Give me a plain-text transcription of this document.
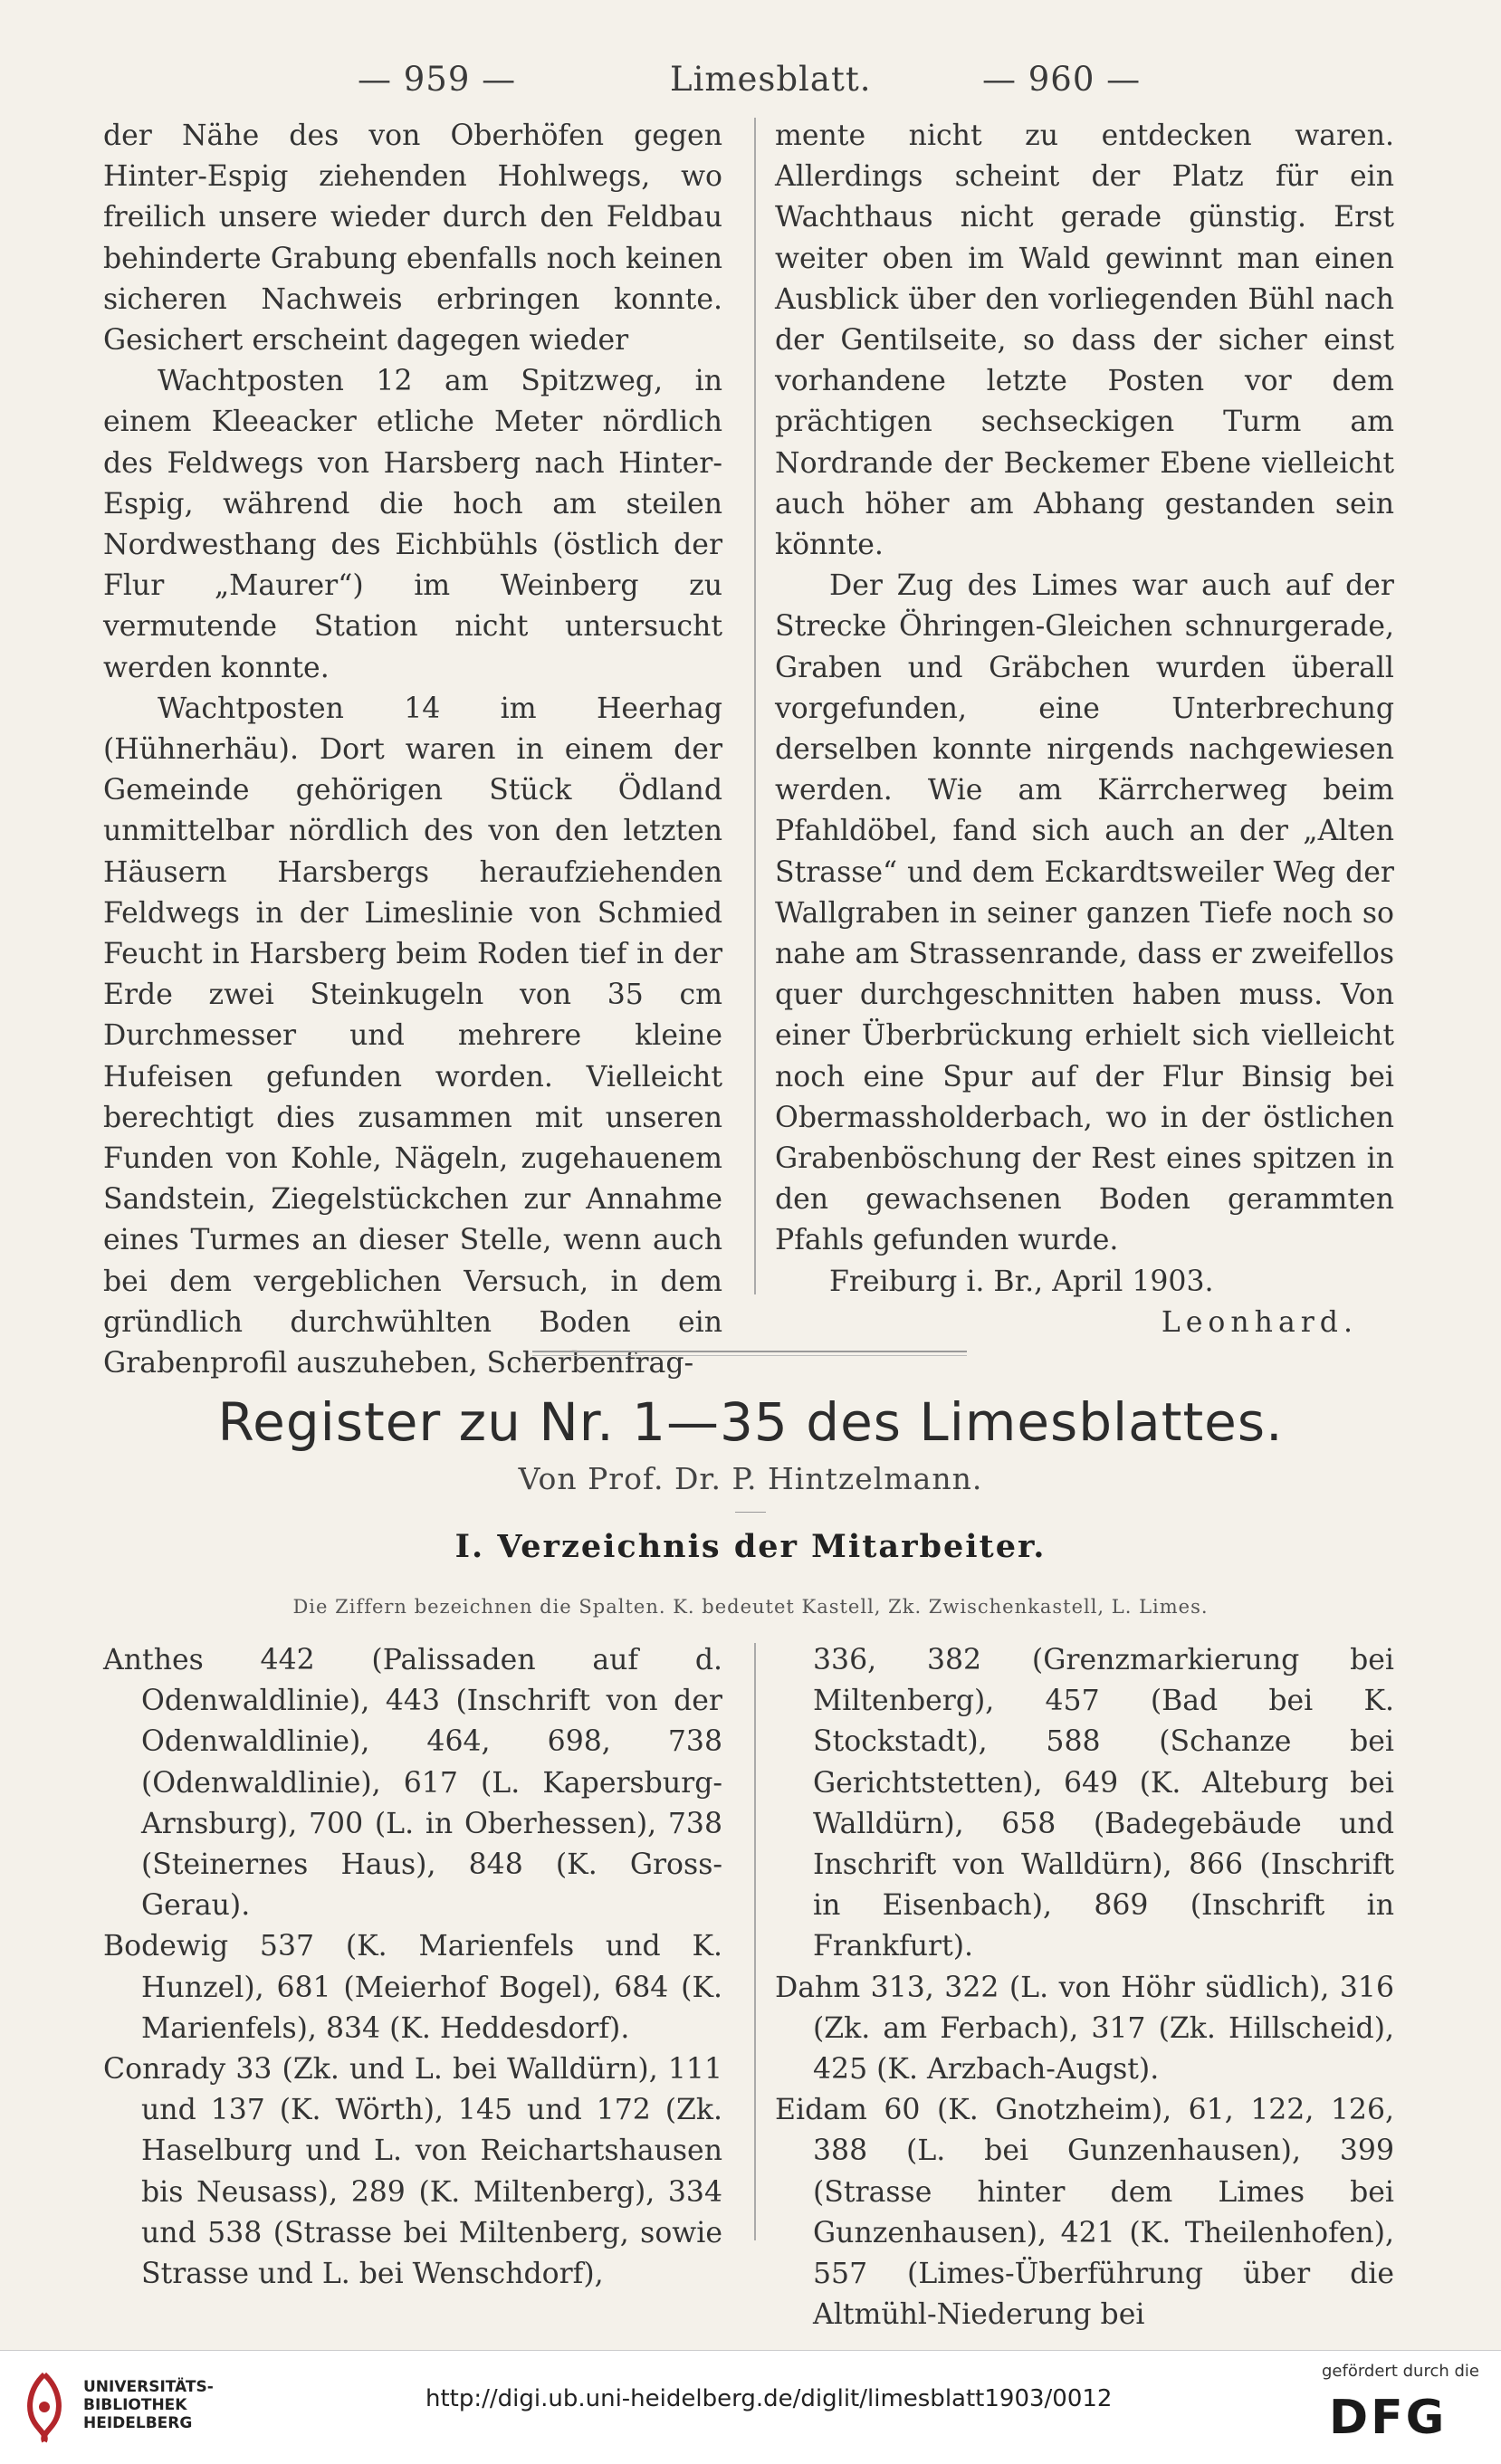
— 959 —	Limesblatt.	— 960 —

der Nähe des von Oberhöfen gegen Hinter-Espig ziehenden Hohlwegs, wo freilich unsere wieder durch den Feldbau behinderte Grabung ebenfalls noch keinen sicheren Nachweis erbringen konnte. Gesichert erscheint dagegen wieder

Wachtposten 12 am Spitzweg, in einem Kleeacker etliche Meter nördlich des Feldwegs von Harsberg nach Hinter-Espig, während die hoch am steilen Nordwesthang des Eichbühls (östlich der Flur „Maurer“) im Weinberg zu vermutende Station nicht untersucht werden konnte.

Wachtposten 14 im Heerhag (Hühnerhäu). Dort waren in einem der Gemeinde gehörigen Stück Ödland unmittelbar nördlich des von den letzten Häusern Harsbergs heraufziehenden Feldwegs in der Limeslinie von Schmied Feucht in Harsberg beim Roden tief in der Erde zwei Steinkugeln von 35 cm Durchmesser und mehrere kleine Hufeisen gefunden worden. Vielleicht berechtigt dies zusammen mit unseren Funden von Kohle, Nägeln, zugehauenem Sandstein, Ziegelstückchen zur Annahme eines Turmes an dieser Stelle, wenn auch bei dem vergeblichen Versuch, in dem gründlich durchwühlten Boden ein Grabenprofil auszuheben, Scherbenfrag-

mente nicht zu entdecken waren. Allerdings scheint der Platz für ein Wachthaus nicht gerade günstig. Erst weiter oben im Wald gewinnt man einen Ausblick über den vorliegenden Bühl nach der Gentilseite, so dass der sicher einst vorhandene letzte Posten vor dem prächtigen sechseckigen Turm am Nordrande der Beckemer Ebene vielleicht auch höher am Abhang gestanden sein könnte.

Der Zug des Limes war auch auf der Strecke Öhringen-Gleichen schnurgerade, Graben und Gräbchen wurden überall vorgefunden, eine Unterbrechung derselben konnte nirgends nachgewiesen werden. Wie am Kärrcherweg beim Pfahldöbel, fand sich auch an der „Alten Strasse“ und dem Eckardtsweiler Weg der Wallgraben in seiner ganzen Tiefe noch so nahe am Strassenrande, dass er zweifellos quer durchgeschnitten haben muss. Von einer Überbrückung erhielt sich vielleicht noch eine Spur auf der Flur Binsig bei Obermassholderbach, wo in der östlichen Grabenböschung der Rest eines spitzen in den gewachsenen Boden gerammten Pfahls gefunden wurde.

Freiburg i. Br., April 1903.

Leonhard.

Register zu Nr. 1—35 des Limesblattes.
Von Prof. Dr. P. Hintzelmann.
I. Verzeichnis der Mitarbeiter.
Die Ziffern bezeichnen die Spalten. K. bedeutet Kastell, Zk. Zwischenkastell, L. Limes.

Anthes 442 (Palissaden auf d. Odenwaldlinie), 443 (Inschrift von der Odenwaldlinie), 464, 698, 738 (Odenwaldlinie), 617 (L. Kapersburg-Arnsburg), 700 (L. in Oberhessen), 738 (Steinernes Haus), 848 (K. Gross-Gerau).

Bodewig 537 (K. Marienfels und K. Hunzel), 681 (Meierhof Bogel), 684 (K. Marienfels), 834 (K. Heddesdorf).

Conrady 33 (Zk. und L. bei Walldürn), 111 und 137 (K. Wörth), 145 und 172 (Zk. Haselburg und L. von Reichartshausen bis Neusass), 289 (K. Miltenberg), 334 und 538 (Strasse bei Miltenberg, sowie Strasse und L. bei Wenschdorf),

336, 382 (Grenzmarkierung bei Miltenberg), 457 (Bad bei K. Stockstadt), 588 (Schanze bei Gerichtstetten), 649 (K. Alteburg bei Walldürn), 658 (Badegebäude und Inschrift von Walldürn), 866 (Inschrift in Eisenbach), 869 (Inschrift in Frankfurt).

Dahm 313, 322 (L. von Höhr südlich), 316 (Zk. am Ferbach), 317 (Zk. Hillscheid), 425 (K. Arzbach-Augst).

Eidam 60 (K. Gnotzheim), 61, 122, 126, 388 (L. bei Gunzenhausen), 399 (Strasse hinter dem Limes bei Gunzenhausen), 421 (K. Theilenhofen), 557 (Limes-Überführung über die Altmühl-Niederung bei

UNIVERSITÄTS-
BIBLIOTHEK
HEIDELBERG
http://digi.ub.uni-heidelberg.de/diglit/limesblatt1903/0012
gefördert durch die
DFG
